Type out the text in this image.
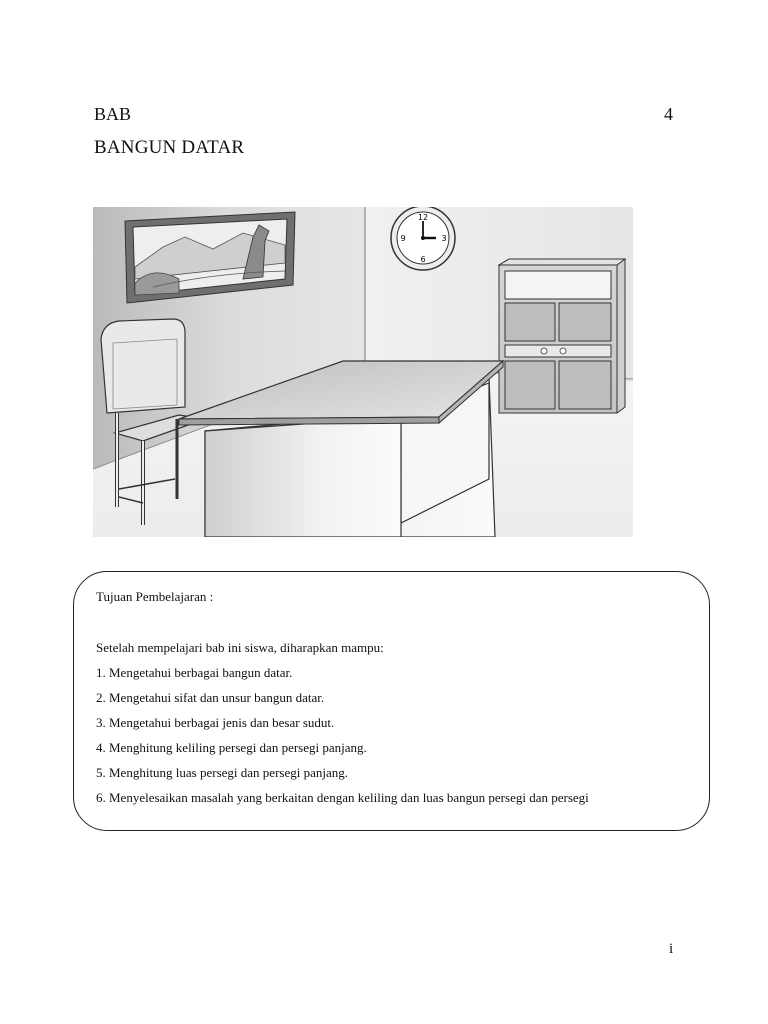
BAB	4
BANGUN DATAR
12
3
6
9
Tujuan Pembelajaran :
Setelah mempelajari bab ini siswa, diharapkan mampu:
1. Mengetahui berbagai bangun datar.
2. Mengetahui sifat dan unsur bangun datar.
3. Mengetahui berbagai jenis dan besar sudut.
4. Menghitung keliling persegi dan persegi panjang.
5. Menghitung luas persegi dan persegi panjang.
6. Menyelesaikan masalah yang berkaitan dengan keliling dan luas bangun persegi dan persegi
i
